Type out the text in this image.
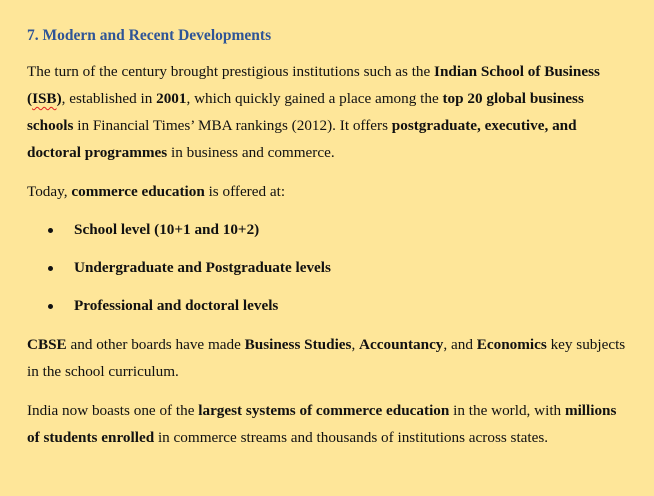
7. Modern and Recent Developments

The turn of the century brought prestigious institutions such as the Indian School of Business (ISB), established in 2001, which quickly gained a place among the top 20 global business schools in Financial Times’ MBA rankings (2012). It offers postgraduate, executive, and doctoral programmes in business and commerce.

Today, commerce education is offered at:

School level (10+1 and 10+2)
Undergraduate and Postgraduate levels
Professional and doctoral levels

CBSE and other boards have made Business Studies, Accountancy, and Economics key subjects in the school curriculum.

India now boasts one of the largest systems of commerce education in the world, with millions of students enrolled in commerce streams and thousands of institutions across states.
